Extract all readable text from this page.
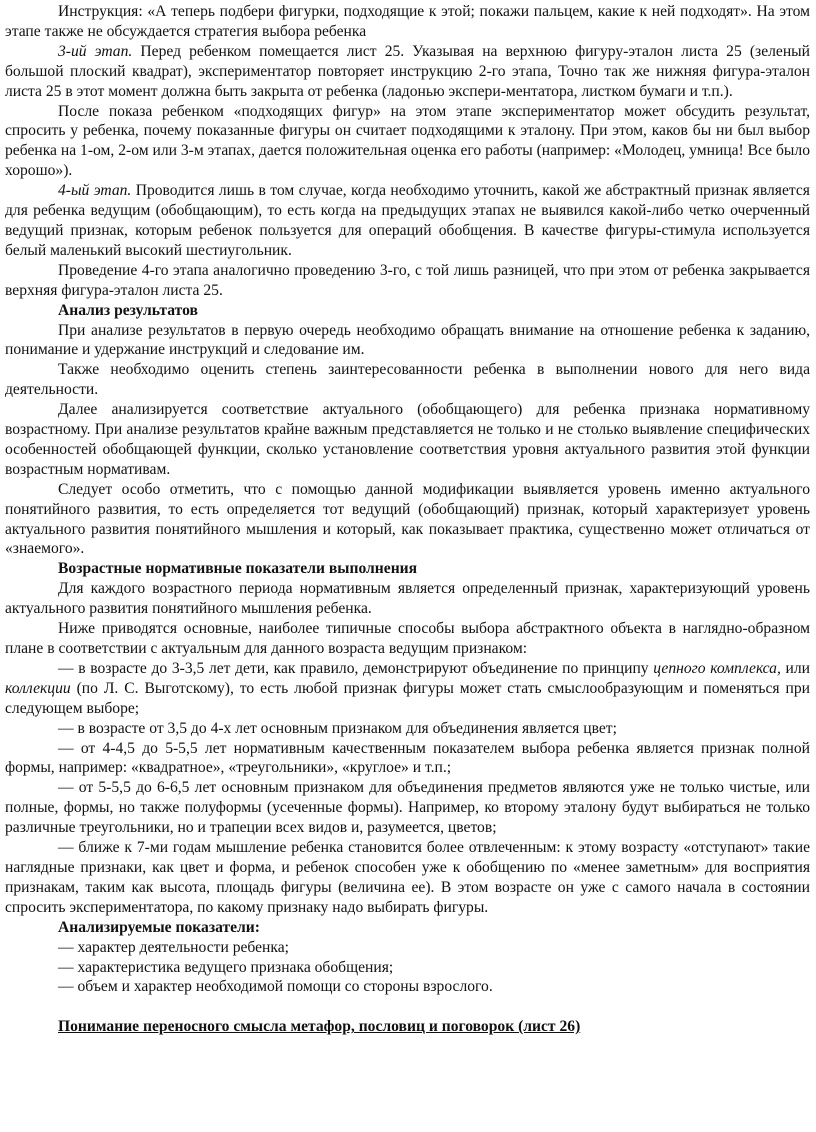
Инструкция: «А теперь подбери фигурки, подходящие к этой; покажи пальцем, какие к ней подходят». На этом этапе также не обсуждается стратегия выбора ребенка

3-ий этап. Перед ребенком помещается лист 25. Указывая на верхнюю фигуру-эталон листа 25 (зеленый большой плоский квадрат), экспериментатор повторяет инструкцию 2-го этапа, Точно так же нижняя фигура-эталон листа 25 в этот момент должна быть закрыта от ребенка (ладонью экспери-ментатора, листком бумаги и т.п.).

После показа ребенком «подходящих фигур» на этом этапе экспериментатор может обсудить результат, спросить у ребенка, почему показанные фигуры он считает подходящими к эталону. При этом, каков бы ни был выбор ребенка на 1-ом, 2-ом или 3-м этапах, дается положительная оценка его работы (например: «Молодец, умница! Все было хорошо»).

4-ый этап. Проводится лишь в том случае, когда необходимо уточнить, какой же абстрактный признак является для ребенка ведущим (обобщающим), то есть когда на предыдущих этапах не выявился какой-либо четко очерченный ведущий признак, которым ребенок пользуется для операций обобщения. В качестве фигуры-стимула используется белый маленький высокий шестиугольник.

Проведение 4-го этапа аналогично проведению 3-го, с той лишь разницей, что при этом от ребенка закрывается верхняя фигура-эталон листа 25.

Анализ результатов

При анализе результатов в первую очередь необходимо обращать внимание на отношение ребенка к заданию, понимание и удержание инструкций и следование им.

Также необходимо оценить степень заинтересованности ребенка в выполнении нового для него вида деятельности.

Далее анализируется соответствие актуального (обобщающего) для ребенка признака нормативному возрастному. При анализе результатов крайне важным представляется не только и не столько выявление специфических особенностей обобщающей функции, сколько установление соответствия уровня актуального развития этой функции возрастным нормативам.

Следует особо отметить, что с помощью данной модификации выявляется уровень именно актуального понятийного развития, то есть определяется тот ведущий (обобщающий) признак, который характеризует уровень актуального развития понятийного мышления и который, как показывает практика, существенно может отличаться от «знаемого».

Возрастные нормативные показатели выполнения

Для каждого возрастного периода нормативным является определенный признак, характеризующий уровень актуального развития понятийного мышления ребенка.

Ниже приводятся основные, наиболее типичные способы выбора абстрактного объекта в наглядно-образном плане в соответствии с актуальным для данного возраста ведущим признаком:

— в возрасте до 3-3,5 лет дети, как правило, демонстрируют объединение по принципу цепного комплекса, или коллекции (по Л. С. Выготскому), то есть любой признак фигуры может стать смыслообразующим и поменяться при следующем выборе;

— в возрасте от 3,5 до 4-х лет основным признаком для объединения является цвет;

— от 4-4,5 до 5-5,5 лет нормативным качественным показателем выбора ребенка является признак полной формы, например: «квадратное», «треугольники», «круглое» и т.п.;

— от 5-5,5 до 6-6,5 лет основным признаком для объединения предметов являются уже не только чистые, или полные, формы, но также полуформы (усеченные формы). Например, ко второму эталону будут выбираться не только различные треугольники, но и трапеции всех видов и, разумеется, цветов;

— ближе к 7-ми годам мышление ребенка становится более отвлеченным: к этому возрасту «отступают» такие наглядные признаки, как цвет и форма, и ребенок способен уже к обобщению по «менее заметным» для восприятия признакам, таким как высота, площадь фигуры (величина ее). В этом возрасте он уже с самого начала в состоянии спросить экспериментатора, по какому признаку надо выбирать фигуры.

Анализируемые показатели:

— характер деятельности ребенка;

— характеристика ведущего признака обобщения;

— объем и характер необходимой помощи со стороны взрослого.

Понимание переносного смысла метафор, пословиц и поговорок (лист 26)
